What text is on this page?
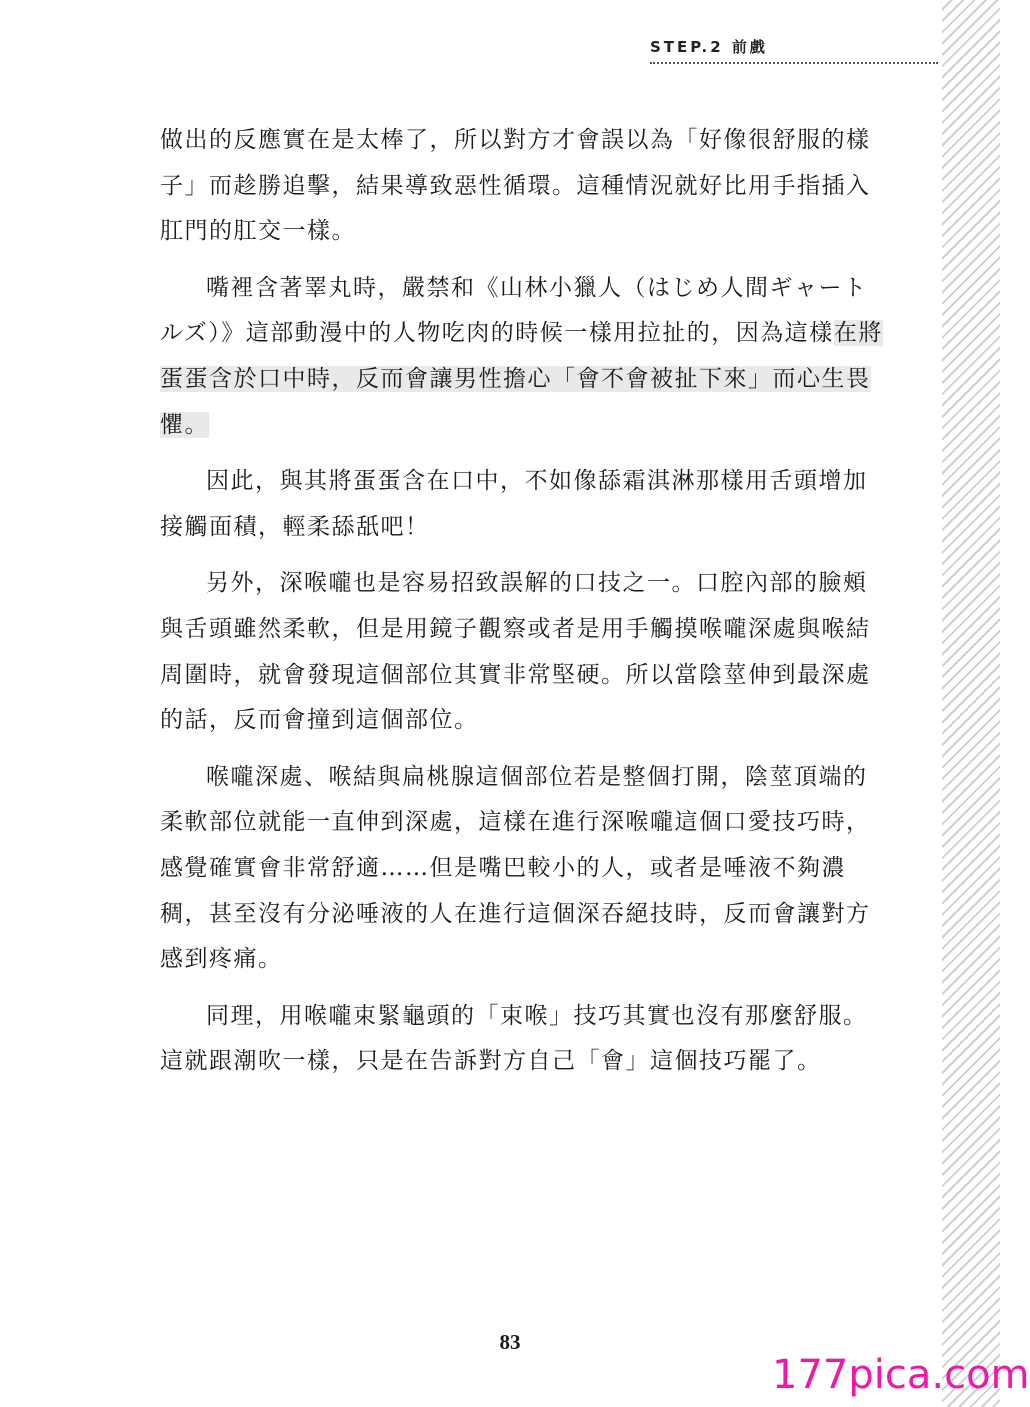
STEP.2 前戲

做出的反應實在是太棒了，所以對方才會誤以為「好像很舒服的樣子」而趁勝追擊，結果導致惡性循環。這種情況就好比用手指插入肛門的肛交一樣。

嘴裡含著睪丸時，嚴禁和《山林小獵人（はじめ人間ギャートルズ）》這部動漫中的人物吃肉的時候一樣用拉扯的，因為這樣在將蛋蛋含於口中時，反而會讓男性擔心「會不會被扯下來」而心生畏懼。

因此，與其將蛋蛋含在口中，不如像舔霜淇淋那樣用舌頭增加接觸面積，輕柔舔舐吧！

另外，深喉嚨也是容易招致誤解的口技之一。口腔內部的臉頰與舌頭雖然柔軟，但是用鏡子觀察或者是用手觸摸喉嚨深處與喉結周圍時，就會發現這個部位其實非常堅硬。所以當陰莖伸到最深處的話，反而會撞到這個部位。

喉嚨深處、喉結與扁桃腺這個部位若是整個打開，陰莖頂端的柔軟部位就能一直伸到深處，這樣在進行深喉嚨這個口愛技巧時，感覺確實會非常舒適……但是嘴巴較小的人，或者是唾液不夠濃稠，甚至沒有分泌唾液的人在進行這個深吞絕技時，反而會讓對方感到疼痛。

同理，用喉嚨束緊龜頭的「束喉」技巧其實也沒有那麼舒服。這就跟潮吹一樣，只是在告訴對方自己「會」這個技巧罷了。

83
177pica.com
